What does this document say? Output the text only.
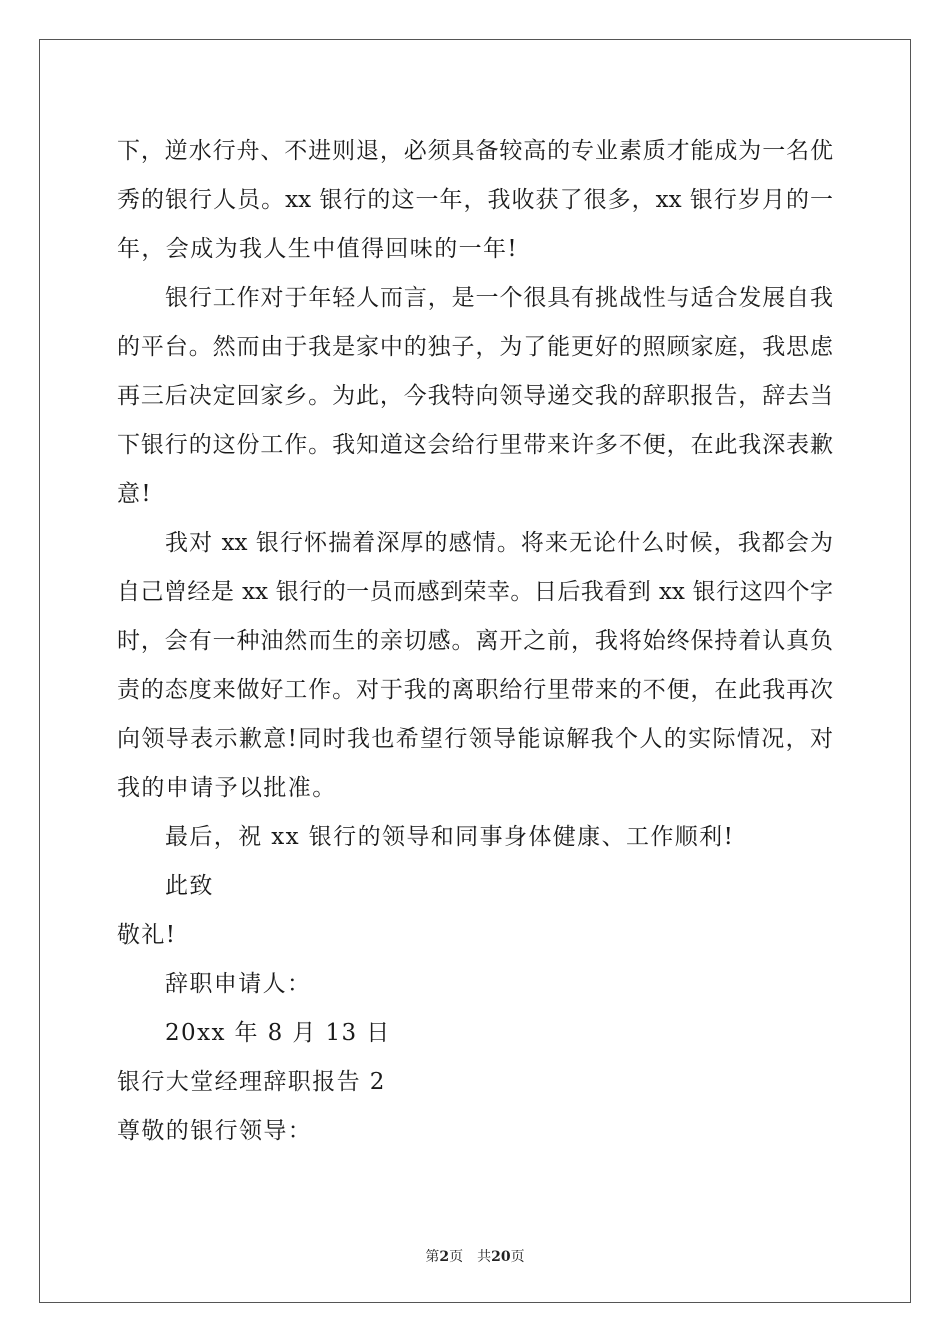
下，逆水行舟、不进则退，必须具备较高的专业素质才能成为一名优
秀的银行人员。xx 银行的这一年，我收获了很多，xx 银行岁月的一
年，会成为我人生中值得回味的一年!
银行工作对于年轻人而言，是一个很具有挑战性与适合发展自我
的平台。然而由于我是家中的独子，为了能更好的照顾家庭，我思虑
再三后决定回家乡。为此，今我特向领导递交我的辞职报告，辞去当
下银行的这份工作。我知道这会给行里带来许多不便，在此我深表歉
意!
我对 xx 银行怀揣着深厚的感情。将来无论什么时候，我都会为
自己曾经是 xx 银行的一员而感到荣幸。日后我看到 xx 银行这四个字
时，会有一种油然而生的亲切感。离开之前，我将始终保持着认真负
责的态度来做好工作。对于我的离职给行里带来的不便，在此我再次
向领导表示歉意!同时我也希望行领导能谅解我个人的实际情况，对
我的申请予以批准。
最后，祝 xx 银行的领导和同事身体健康、工作顺利!
此致
敬礼!
辞职申请人：
20xx 年 8 月 13 日
银行大堂经理辞职报告 2
尊敬的银行领导：
第2页 共20页
